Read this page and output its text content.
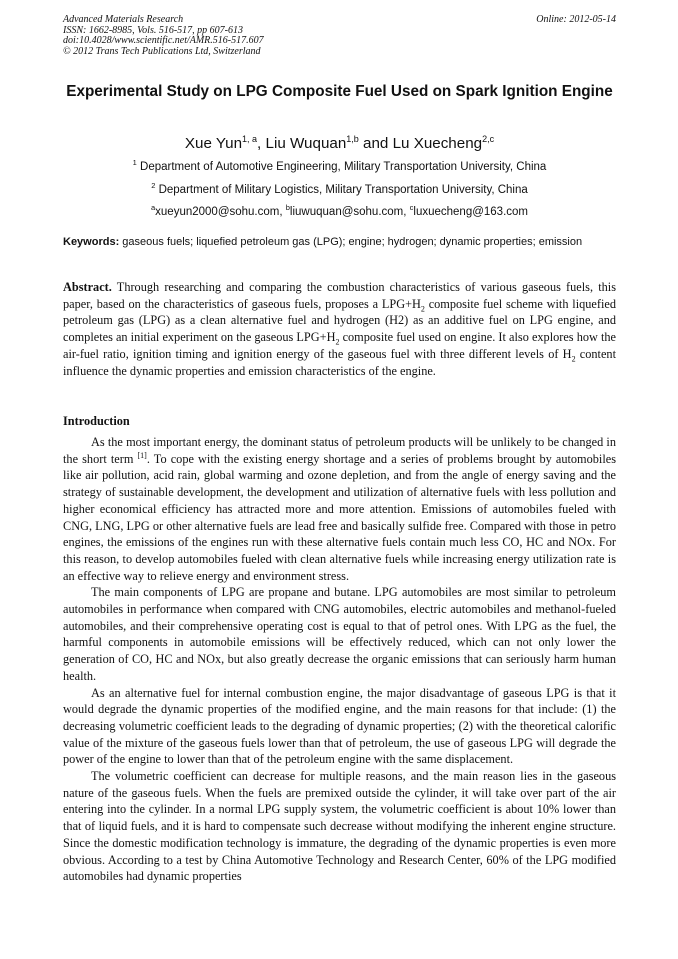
Advanced Materials Research
ISSN: 1662-8985, Vols. 516-517, pp 607-613
doi:10.4028/www.scientific.net/AMR.516-517.607
© 2012 Trans Tech Publications Ltd, Switzerland
Online: 2012-05-14
Experimental Study on LPG Composite Fuel Used on Spark Ignition Engine
Xue Yun$^{1, a}$, Liu Wuquan$^{1,b}$ and Lu Xuecheng$^{2,c}$
$^1$ Department of Automotive Engineering, Military Transportation University, China
$^2$ Department of Military Logistics, Military Transportation University, China
$^a$xueyun2000@sohu.com, $^b$liuwuquan@sohu.com, $^c$luxuecheng@163.com
Keywords: gaseous fuels; liquefied petroleum gas (LPG); engine; hydrogen; dynamic properties; emission
Abstract. Through researching and comparing the combustion characteristics of various gaseous fuels, this paper, based on the characteristics of gaseous fuels, proposes a $LPG+H_2$ composite fuel scheme with liquefied petroleum gas (LPG) as a clean alternative fuel and hydrogen (H2) as an additive fuel on LPG engine, and completes an initial experiment on the gaseous $LPG+H_2$ composite fuel used on engine. It also explores how the air-fuel ratio, ignition timing and ignition energy of the gaseous fuel with three different levels of $H_2$ content influence the dynamic properties and emission characteristics of the engine.
Introduction

As the most important energy, the dominant status of petroleum products will be unlikely to be changed in the short term [1]. To cope with the existing energy shortage and a series of problems brought by automobiles like air pollution, acid rain, global warming and ozone depletion, and from the angle of energy saving and the strategy of sustainable development, the development and utilization of alternative fuels with less pollution and higher economical efficiency has attracted more and more attention. Emissions of automobiles fueled with CNG, LNG, LPG or other alternative fuels are lead free and basically sulfide free. Compared with those in petro engines, the emissions of the engines run with these alternative fuels contain much less CO, HC and NOx. For this reason, to develop automobiles fueled with clean alternative fuels while increasing energy utilization rate is an effective way to relieve energy and environment stress.

The main components of LPG are propane and butane. LPG automobiles are most similar to petroleum automobiles in performance when compared with CNG automobiles, electric automobiles and methanol-fueled automobiles, and their comprehensive operating cost is equal to that of petrol ones. With LPG as the fuel, the harmful components in automobile emissions will be effectively reduced, which can not only lower the generation of CO, HC and NOx, but also greatly decrease the organic emissions that can seriously harm human health.

As an alternative fuel for internal combustion engine, the major disadvantage of gaseous LPG is that it would degrade the dynamic properties of the modified engine, and the main reasons for that include: (1) the decreasing volumetric coefficient leads to the degrading of dynamic properties; (2) with the theoretical calorific value of the mixture of the gaseous fuels lower than that of petroleum, the use of gaseous LPG will degrade the power of the engine to lower than that of the petroleum engine with the same displacement.

The volumetric coefficient can decrease for multiple reasons, and the main reason lies in the gaseous nature of the gaseous fuels. When the fuels are premixed outside the cylinder, it will take over part of the air entering into the cylinder. In a normal LPG supply system, the volumetric coefficient is about 10% lower than that of liquid fuels, and it is hard to compensate such decrease without modifying the inherent engine structure. Since the domestic modification technology is immature, the degrading of the dynamic properties is even more obvious. According to a test by China Automotive Technology and Research Center, 60% of the LPG modified automobiles had dynamic properties
